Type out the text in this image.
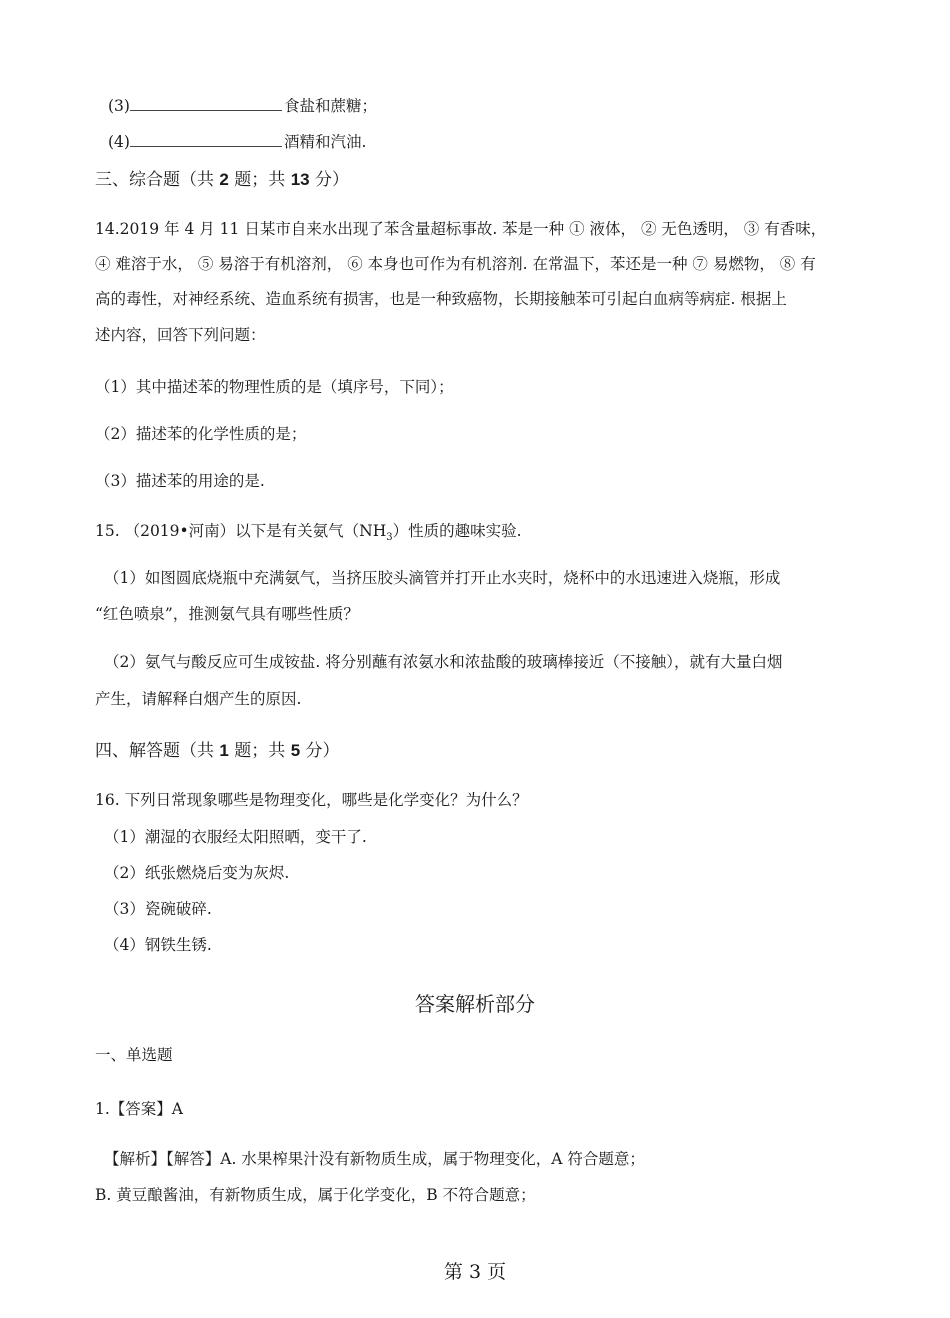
(3)	食盐和蔗糖；
(4)	酒精和汽油.
三、综合题（共 2 题；共 13 分）
14.2019 年 4 月 11 日某市自来水出现了苯含量超标事故. 苯是一种 ① 液体， ② 无色透明， ③ 有香味，
④ 难溶于水， ⑤ 易溶于有机溶剂， ⑥ 本身也可作为有机溶剂. 在常温下，苯还是一种 ⑦ 易燃物， ⑧ 有
高的毒性，对神经系统、造血系统有损害，也是一种致癌物，长期接触苯可引起白血病等病症. 根据上
述内容，回答下列问题：
（1）其中描述苯的物理性质的是（填序号，下同）；
（2）描述苯的化学性质的是；
（3）描述苯的用途的是.
15. （2019•河南）以下是有关氨气$(NH_3)$性质的趣味实验.
（1）如图圆底烧瓶中充满氨气，当挤压胶头滴管并打开止水夹时，烧杯中的水迅速进入烧瓶，形成
“红色喷泉”，推测氨气具有哪些性质？
（2）氨气与酸反应可生成铵盐. 将分别蘸有浓氨水和浓盐酸的玻璃棒接近（不接触），就有大量白烟
产生，请解释白烟产生的原因.
四、解答题（共 1 题；共 5 分）
16. 下列日常现象哪些是物理变化，哪些是化学变化？为什么？
（1）潮湿的衣服经太阳照晒，变干了.
（2）纸张燃烧后变为灰烬.
（3）瓷碗破碎.
（4）钢铁生锈.
答案解析部分
一、单选题
1.【答案】A
【解析】【解答】A. 水果榨果汁没有新物质生成，属于物理变化，A 符合题意；
B. 黄豆酿酱油，有新物质生成，属于化学变化，B 不符合题意；
第 3 页
